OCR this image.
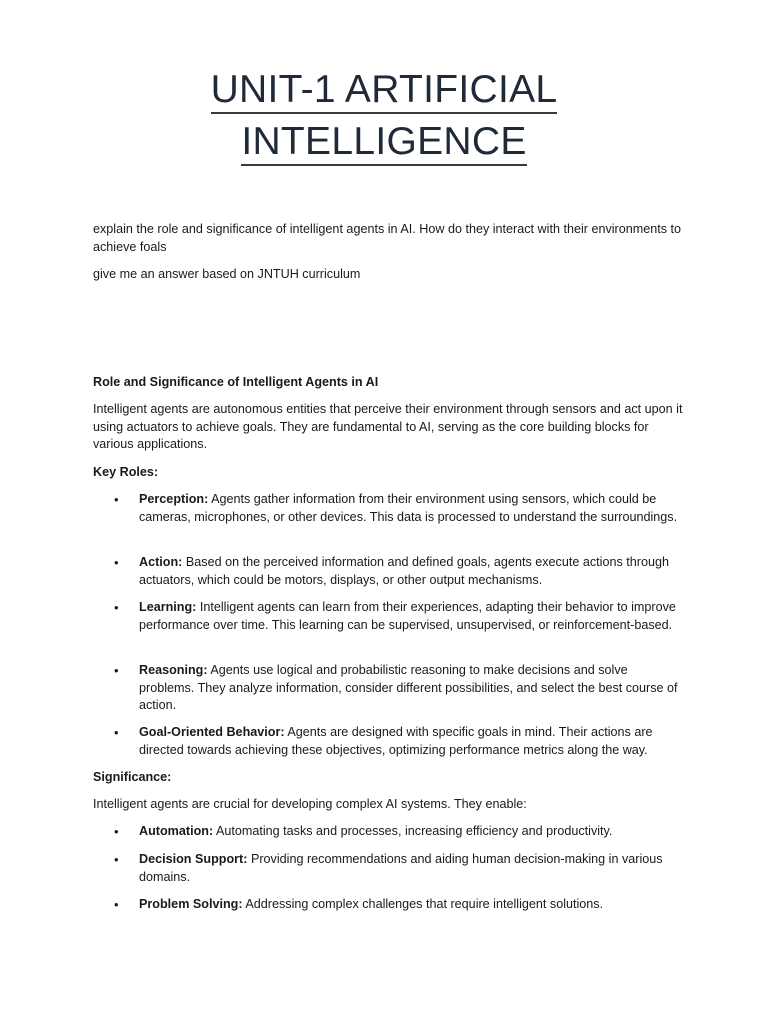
UNIT-1 ARTIFICIAL
INTELLIGENCE

explain the role and significance of intelligent agents in AI. How do they interact with their environments to achieve foals

give me an answer based on JNTUH curriculum

Role and Significance of Intelligent Agents in AI

Intelligent agents are autonomous entities that perceive their environment through sensors and act upon it using actuators to achieve goals. They are fundamental to AI, serving as the core building blocks for various applications.

Key Roles:

• Perception: Agents gather information from their environment using sensors, which could be cameras, microphones, or other devices. This data is processed to understand the surroundings.

• Action: Based on the perceived information and defined goals, agents execute actions through actuators, which could be motors, displays, or other output mechanisms.

• Learning: Intelligent agents can learn from their experiences, adapting their behavior to improve performance over time. This learning can be supervised, unsupervised, or reinforcement-based.

• Reasoning: Agents use logical and probabilistic reasoning to make decisions and solve problems. They analyze information, consider different possibilities, and select the best course of action.

• Goal-Oriented Behavior: Agents are designed with specific goals in mind. Their actions are directed towards achieving these objectives, optimizing performance metrics along the way.

Significance:

Intelligent agents are crucial for developing complex AI systems. They enable:

• Automation: Automating tasks and processes, increasing efficiency and productivity.

• Decision Support: Providing recommendations and aiding human decision-making in various domains.

• Problem Solving: Addressing complex challenges that require intelligent solutions.
